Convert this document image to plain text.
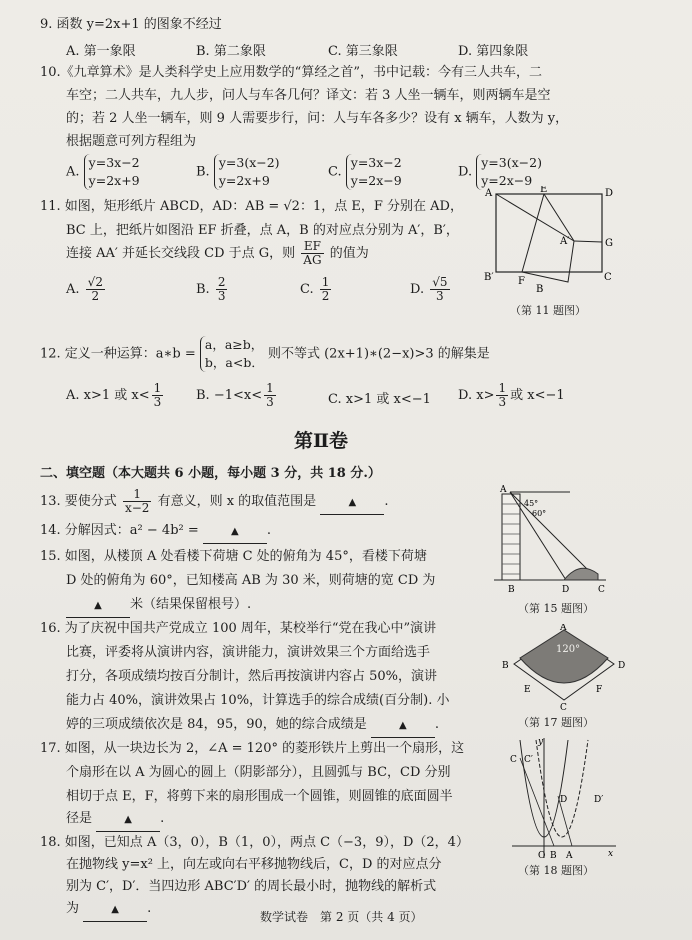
9. 函数 y=2x+1 的图象不经过
A. 第一象限	B. 第二象限	C. 第三象限	D. 第四象限
10.《九章算术》是人类科学史上应用数学的“算经之首”，书中记载：今有三人共车，二
车空；二人共车，九人步，问人与车各几何？译文：若 3 人坐一辆车，则两辆车是空
的；若 2 人坐一辆车，则 9 人需要步行，问：人与车各多少？设有 x 辆车，人数为 y，
根据题意可列方程组为
A. y=3x−2
y=2x+9
B. y=3(x−2)
y=2x+9
C. y=3x−2
y=2x−9
D. y=3(x−2)
y=2x−9
11. 如图，矩形纸片 ABCD，AD：AB = √2：1，点 E，F 分别在 AD，
BC 上，把纸片如图沿 EF 折叠，点 A，B 的对应点分别为 A′，B′，
连接 AA′ 并延长交线段 CD 于点 G，则 $\frac{EF}{AG}$ 的值为
A. $\frac{√2}{2}$	B. $\frac{2}{3}$	C. $\frac{1}{2}$	D. $\frac{√5}{3}$
A	E	D
A′	G
B′ F
B
C
（第 11 题图）
12. 定义一种运算：a∗b = a，a≥b，
b，a<b． 则不等式 (2x+1)∗(2−x)>3 的解集是
A. x>1 或 $x< \frac{1}{3}$	B. $-1<x< \frac{1}{3}$	C. x>1 或 x<−1 D. $x> \frac{1}{3}$ 或 x<−1
第Ⅱ卷
二、填空题（本大题共 6 小题，每小题 3 分，共 18 分.）
13. 要使分式 $\frac{1}{x-2}$ 有意义，则 x 的取值范围是	▲ .
14. 分解因式：a² − 4b² =	▲ .
15. 如图，从楼顶 A 处看楼下荷塘 C 处的俯角为 45°，看楼下荷塘
D 处的俯角为 60°，已知楼高 AB 为 30 米，则荷塘的宽 CD 为
▲ 米（结果保留根号）.
A
45°
60°
B	D	C
（第 15 题图）
16. 为了庆祝中国共产党成立 100 周年，某校举行“党在我心中”演讲
比赛，评委将从演讲内容，演讲能力，演讲效果三个方面给选手
打分，各项成绩均按百分制计，然后再按演讲内容占 50%，演讲
能力占 40%，演讲效果占 10%，计算选手的综合成绩(百分制). 小
婷的三项成绩依次是 84，95，90，她的综合成绩是	▲ .
120°
A
B	D
E	F
C
（第 17 题图）
17. 如图，从一块边长为 2，∠A = 120° 的菱形铁片上剪出一个扇形，这
个扇形在以 A 为圆心的圆上（阴影部分），且圆弧与 BC，CD 分别
相切于点 E，F，将剪下来的扇形围成一个圆锥，则圆锥的底面圆半
径是	▲ .
18. 如图，已知点 A（3，0），B（1，0），两点 C（−3，9），D（2，4）
在抛物线 y=x² 上，向左或向右平移抛物线后，C，D 的对应点分
别为 C′，D′．当四边形 ABC′D′ 的周长最小时，抛物线的解析式
为	▲ .
y
C C′
D	D′
O B A	x
（第 18 题图）
数学试卷　第 2 页（共 4 页）
